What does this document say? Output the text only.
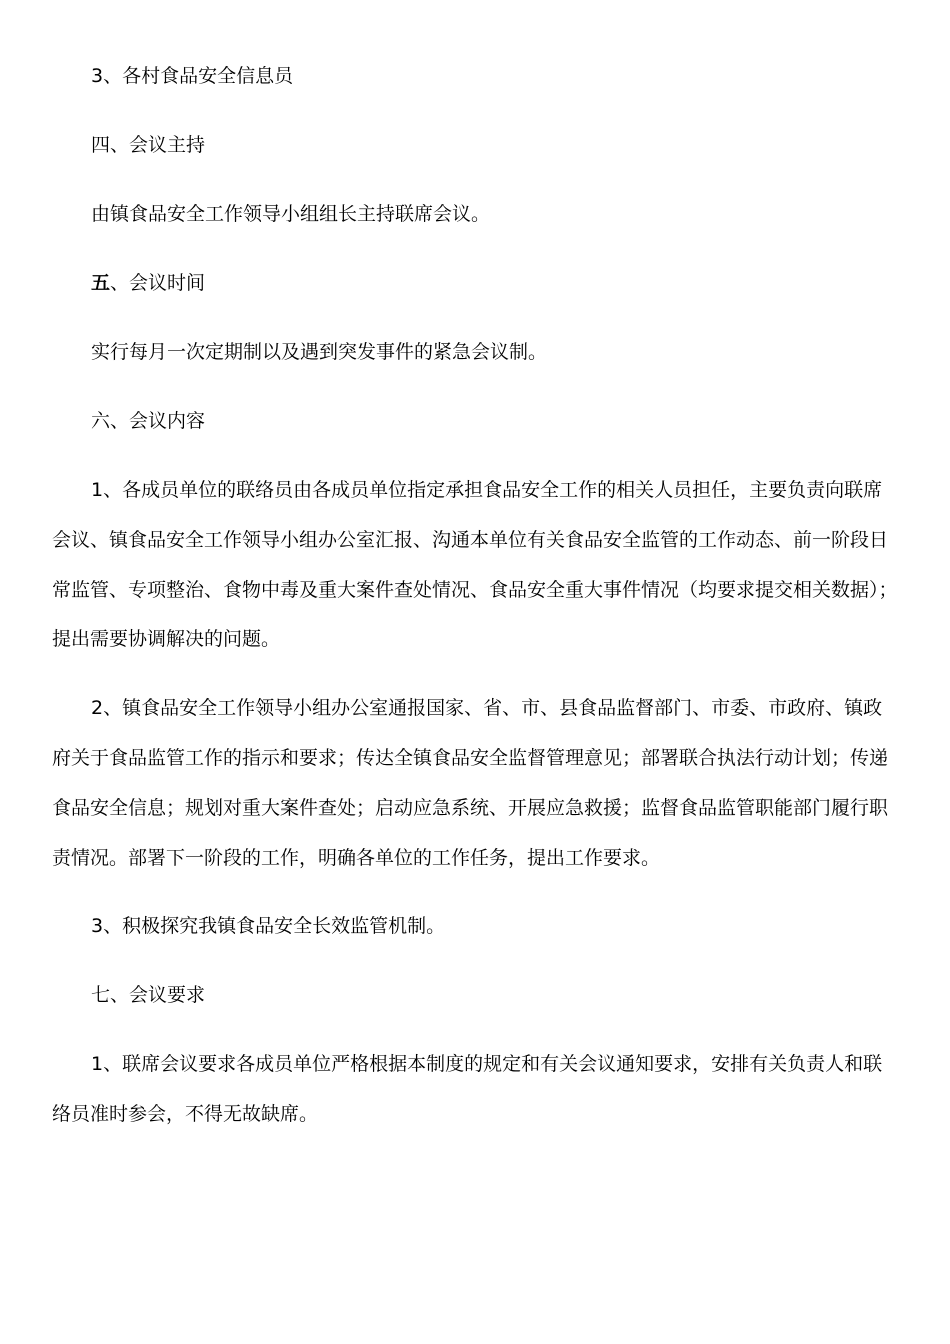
3、各村食品安全信息员
四、会议主持
由镇食品安全工作领导小组组长主持联席会议。
五、会议时间
实行每月一次定期制以及遇到突发事件的紧急会议制。
六、会议内容
1、各成员单位的联络员由各成员单位指定承担食品安全工作的相关人员担任，主要负责向联席
会议、镇食品安全工作领导小组办公室汇报、沟通本单位有关食品安全监管的工作动态、前一阶段日
常监管、专项整治、食物中毒及重大案件查处情况、食品安全重大事件情况（均要求提交相关数据）；
提出需要协调解决的问题。
2、镇食品安全工作领导小组办公室通报国家、省、市、县食品监督部门、市委、市政府、镇政
府关于食品监管工作的指示和要求；传达全镇食品安全监督管理意见；部署联合执法行动计划；传递
食品安全信息；规划对重大案件查处；启动应急系统、开展应急救援；监督食品监管职能部门履行职
责情况。部署下一阶段的工作，明确各单位的工作任务，提出工作要求。
3、积极探究我镇食品安全长效监管机制。
七、会议要求
1、联席会议要求各成员单位严格根据本制度的规定和有关会议通知要求，安排有关负责人和联
络员准时参会，不得无故缺席。
